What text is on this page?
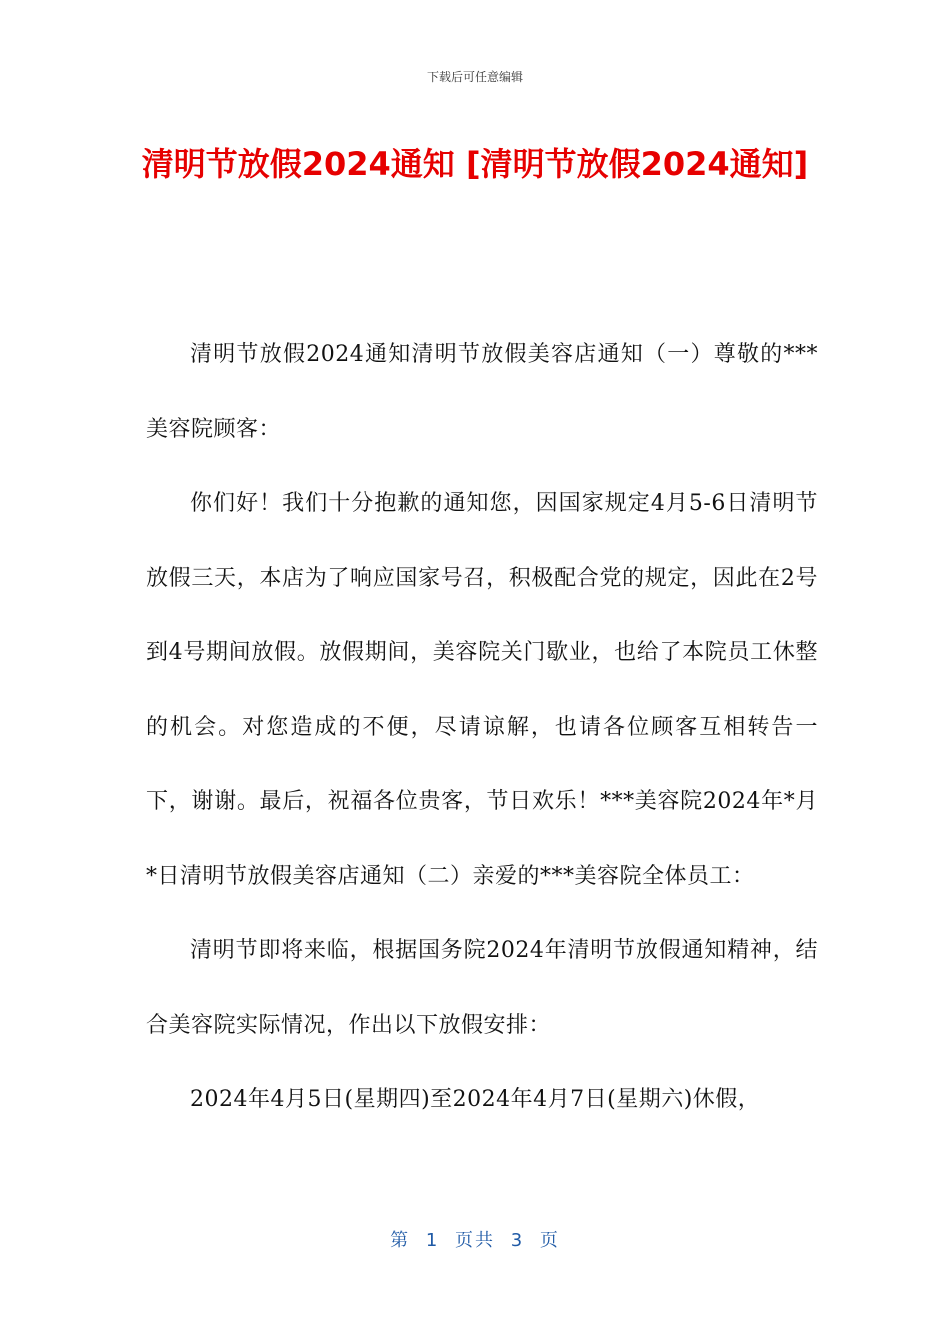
下载后可任意编辑
清明节放假2024通知 [清明节放假2024通知]

清明节放假2024通知清明节放假美容店通知（一）尊敬的***美容院顾客：

你们好！我们十分抱歉的通知您，因国家规定4月5-6日清明节放假三天，本店为了响应国家号召，积极配合党的规定，因此在2号到4号期间放假。放假期间，美容院关门歇业，也给了本院员工休整的机会。对您造成的不便，尽请谅解，也请各位顾客互相转告一下，谢谢。最后，祝福各位贵客，节日欢乐！***美容院2024年*月*日清明节放假美容店通知（二）亲爱的***美容院全体员工：

清明节即将来临，根据国务院2024年清明节放假通知精神，结合美容院实际情况，作出以下放假安排：

2024年4月5日(星期四)至2024年4月7日(星期六)休假，

第 1 页共 3 页
